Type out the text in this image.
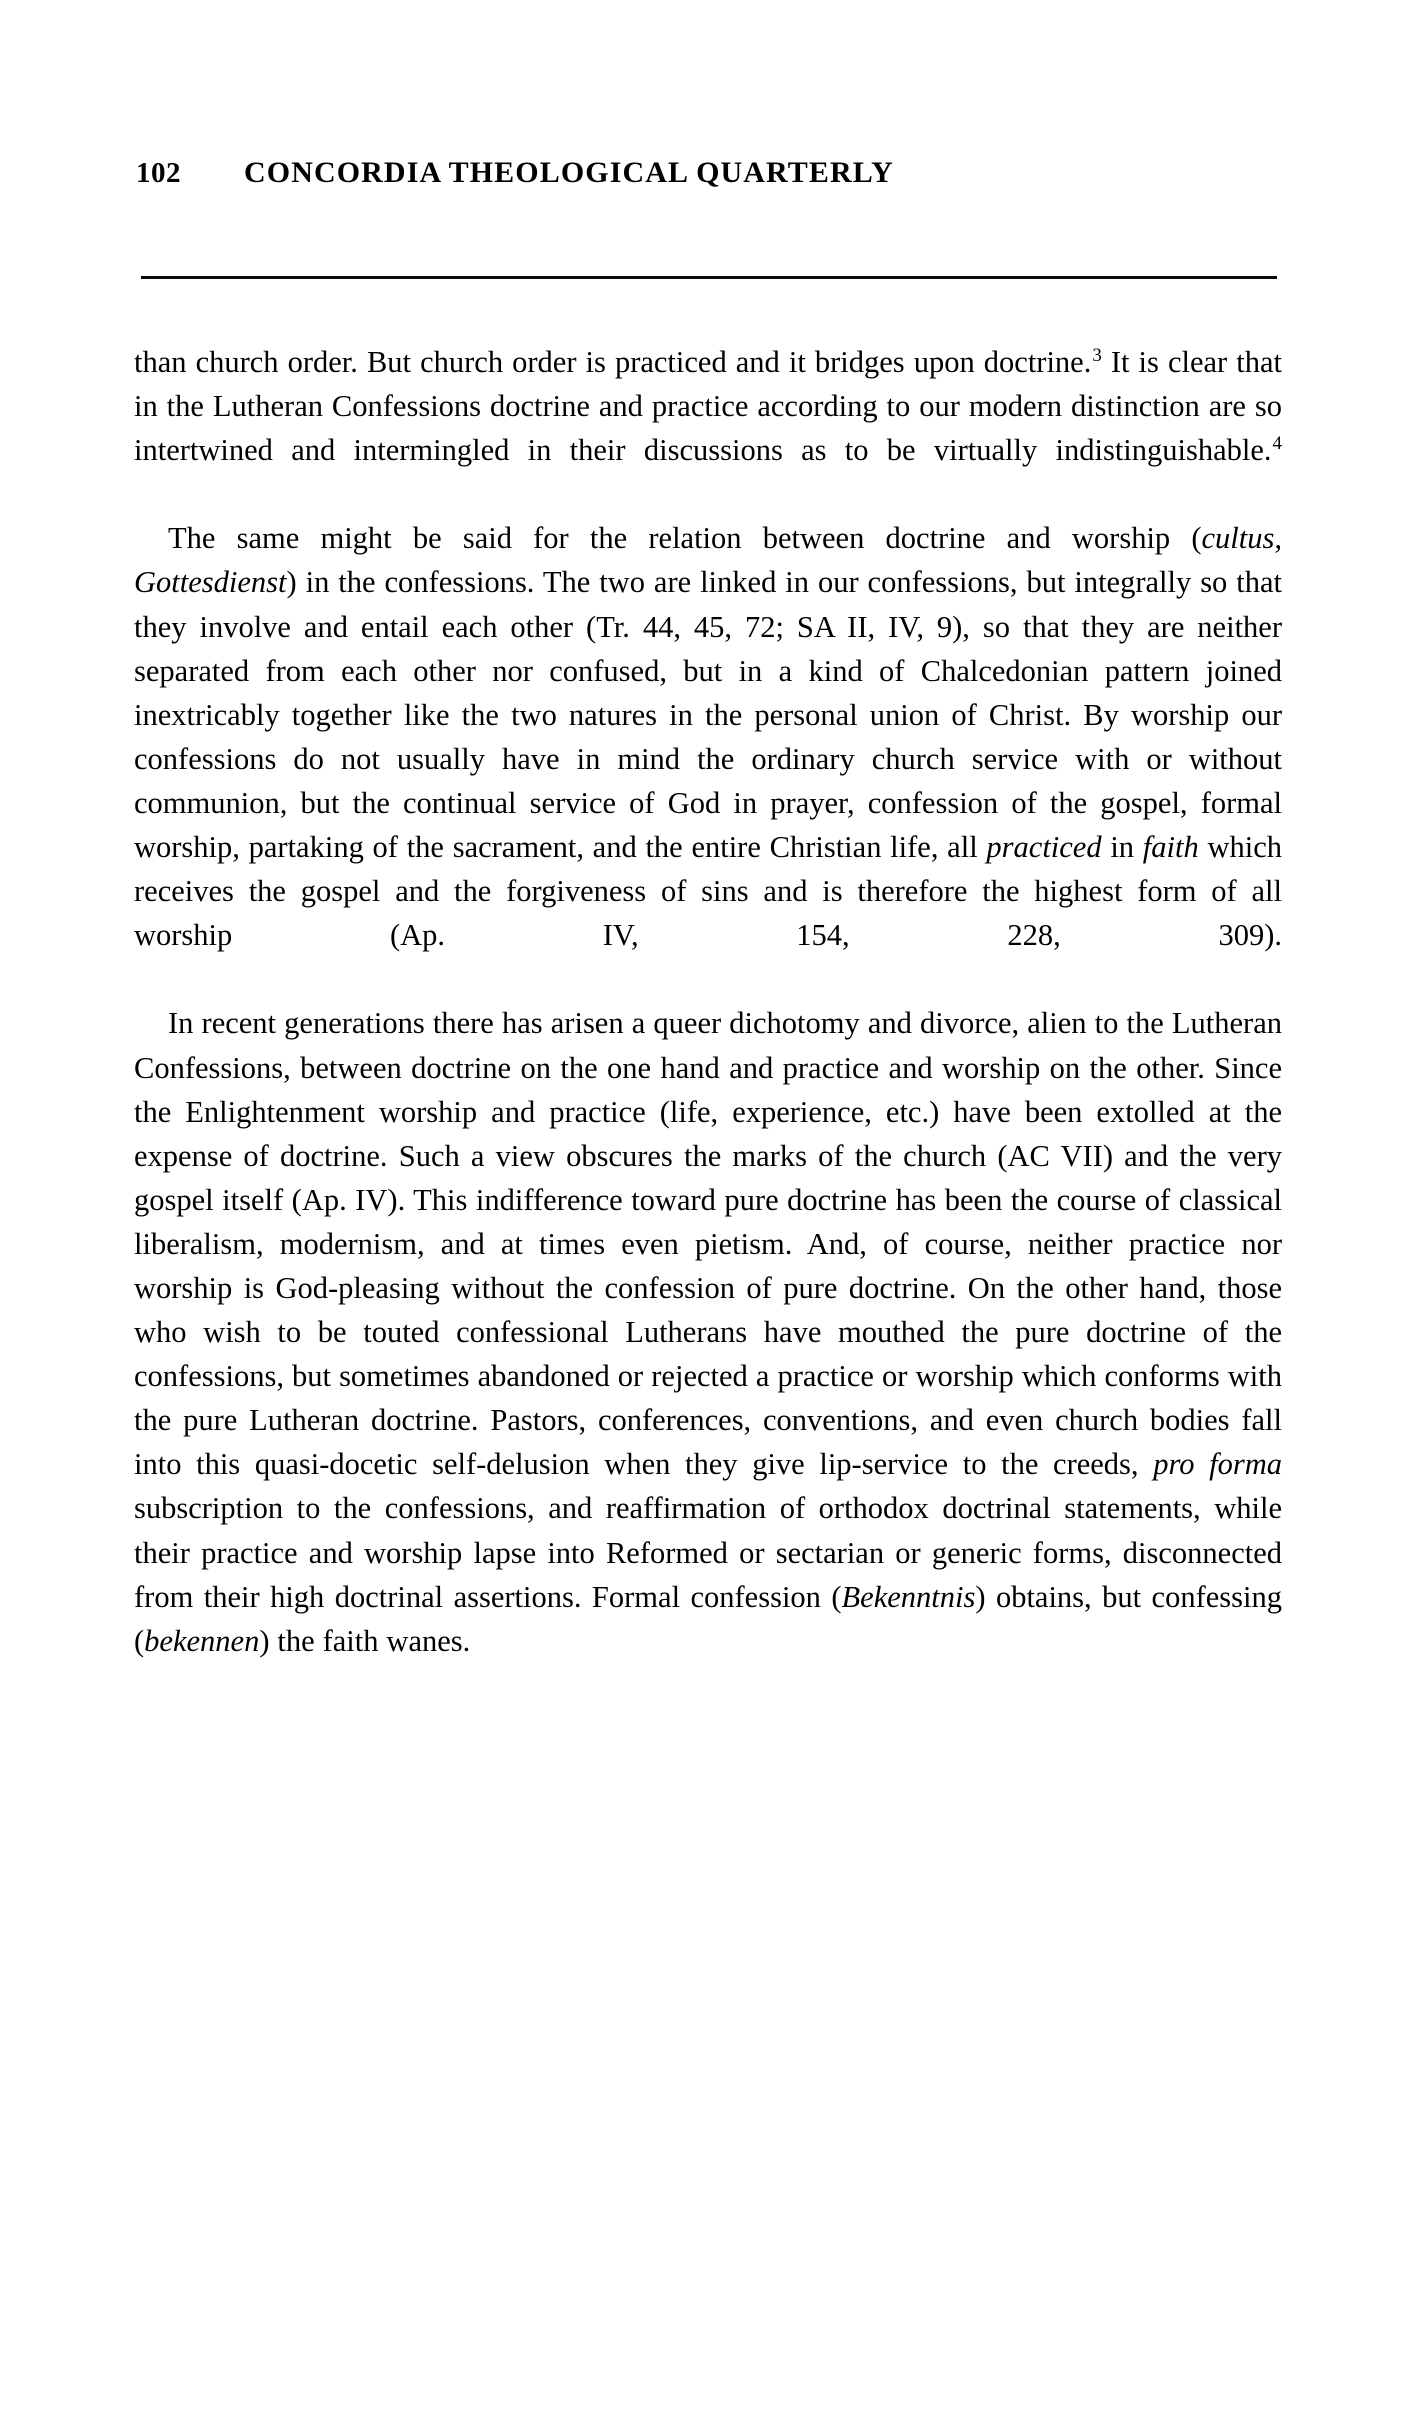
102	CONCORDIA THEOLOGICAL QUARTERLY

than church order. But church order is practiced and it bridges upon doctrine.$^3$ It is clear that in the Lutheran Confessions doctrine and practice according to our modern distinction are so intertwined and intermingled in their discussions as to be virtually indistinguishable.$^4$

The same might be said for the relation between doctrine and worship (cultus, Gottesdienst) in the confessions. The two are linked in our confessions, but integrally so that they involve and entail each other (Tr. 44, 45, 72; SA II, IV, 9), so that they are neither separated from each other nor confused, but in a kind of Chalcedonian pattern joined inextricably together like the two natures in the personal union of Christ. By worship our confessions do not usually have in mind the ordinary church service with or without communion, but the continual service of God in prayer, confession of the gospel, formal worship, partaking of the sacrament, and the entire Christian life, all practiced in faith which receives the gospel and the forgiveness of sins and is therefore the highest form of all worship (Ap. IV, 154, 228, 309).

In recent generations there has arisen a queer dichotomy and divorce, alien to the Lutheran Confessions, between doctrine on the one hand and practice and worship on the other. Since the Enlightenment worship and practice (life, experience, etc.) have been extolled at the expense of doctrine. Such a view obscures the marks of the church (AC VII) and the very gospel itself (Ap. IV). This indifference toward pure doctrine has been the course of classical liberalism, modernism, and at times even pietism. And, of course, neither practice nor worship is God-pleasing without the confession of pure doctrine. On the other hand, those who wish to be touted confessional Lutherans have mouthed the pure doctrine of the confessions, but sometimes abandoned or rejected a practice or worship which conforms with the pure Lutheran doctrine. Pastors, conferences, conventions, and even church bodies fall into this quasi-docetic self-delusion when they give lip-service to the creeds, pro forma subscription to the confessions, and reaffirmation of orthodox doctrinal statements, while their practice and worship lapse into Reformed or sectarian or generic forms, disconnected from their high doctrinal assertions. Formal confession (Bekenntnis) obtains, but confessing (bekennen) the faith wanes.
